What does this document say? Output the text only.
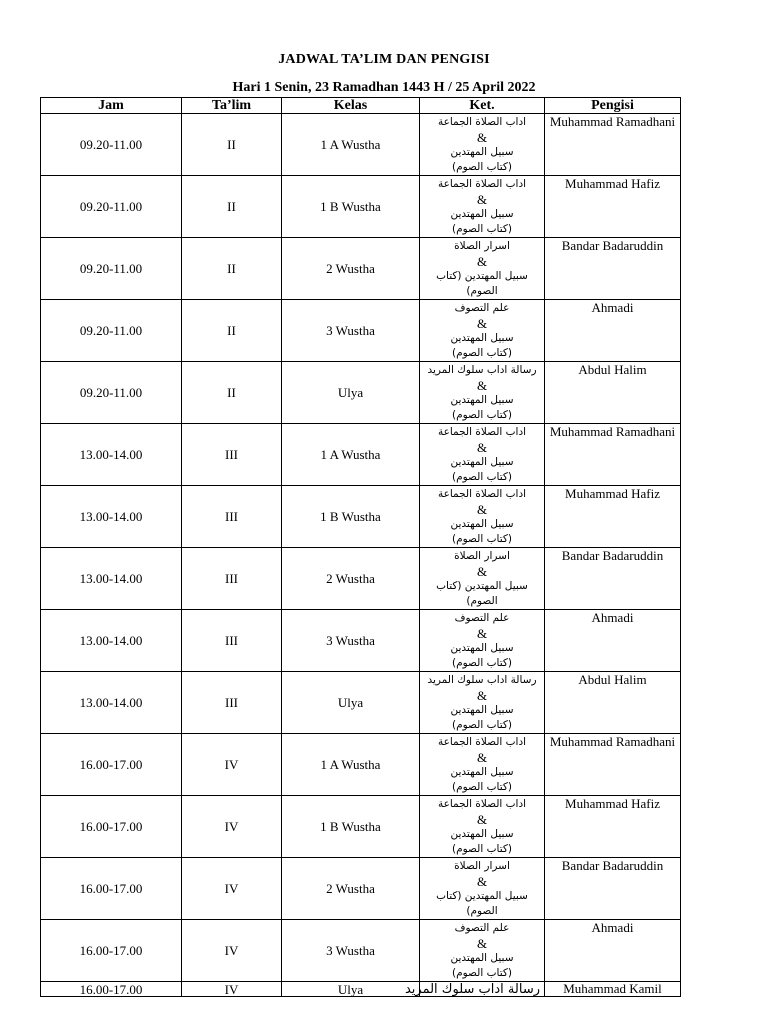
JADWAL TA’LIM DAN PENGISI
Hari 1 Senin, 23 Ramadhan 1443 H / 25 April 2022
Jam	Ta’lim	Kelas	Ket.	Pengisi
09.20-11.00	II	1 A Wustha	اداب الصلاة الجماعة
&
سبيل المهتدين
(كتاب الصوم)	Muhammad Ramadhani
09.20-11.00	II	1 B Wustha	اداب الصلاة الجماعة
&
سبيل المهتدين
(كتاب الصوم)	Muhammad Hafiz
09.20-11.00	II	2 Wustha	اسرار الصلاة
&
سبيل المهتدين (كتاب
الصوم)	Bandar Badaruddin
09.20-11.00	II	3 Wustha	علم التصوف
&
سبيل المهتدين
(كتاب الصوم)	Ahmadi
09.20-11.00	II	Ulya	رسالة اداب سلوك المريد
&
سبيل المهتدين
(كتاب الصوم)	Abdul Halim
13.00-14.00	III	1 A Wustha	اداب الصلاة الجماعة
&
سبيل المهتدين
(كتاب الصوم)	Muhammad Ramadhani
13.00-14.00	III	1 B Wustha	اداب الصلاة الجماعة
&
سبيل المهتدين
(كتاب الصوم)	Muhammad Hafiz
13.00-14.00	III	2 Wustha	اسرار الصلاة
&
سبيل المهتدين (كتاب
الصوم)	Bandar Badaruddin
13.00-14.00	III	3 Wustha	علم التصوف
&
سبيل المهتدين
(كتاب الصوم)	Ahmadi
13.00-14.00	III	Ulya	رسالة اداب سلوك المريد
&
سبيل المهتدين
(كتاب الصوم)	Abdul Halim
16.00-17.00	IV	1 A Wustha	اداب الصلاة الجماعة
&
سبيل المهتدين
(كتاب الصوم)	Muhammad Ramadhani
16.00-17.00	IV	1 B Wustha	اداب الصلاة الجماعة
&
سبيل المهتدين
(كتاب الصوم)	Muhammad Hafiz
16.00-17.00	IV	2 Wustha	اسرار الصلاة
&
سبيل المهتدين (كتاب
الصوم)	Bandar Badaruddin
16.00-17.00	IV	3 Wustha	علم التصوف
&
سبيل المهتدين
(كتاب الصوم)	Ahmadi
16.00-17.00	IV	Ulya	رسالة اداب سلوك المريد	Muhammad Kamil
